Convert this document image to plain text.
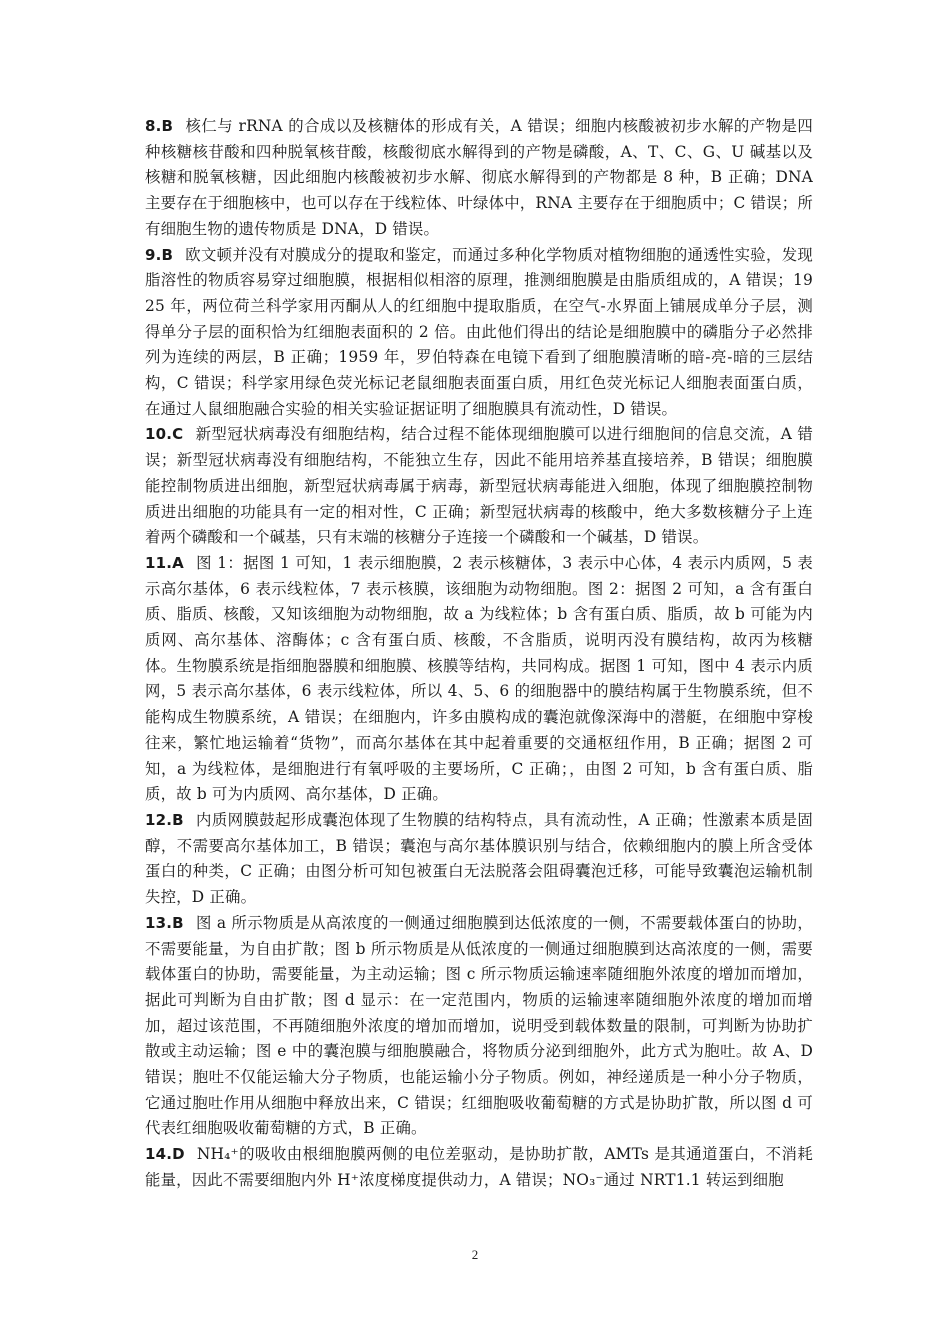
8.B 核仁与 rRNA 的合成以及核糖体的形成有关，A 错误；细胞内核酸被初步水解的产物是四种核糖核苷酸和四种脱氧核苷酸，核酸彻底水解得到的产物是磷酸，A、T、C、G、U 碱基以及核糖和脱氧核糖，因此细胞内核酸被初步水解、彻底水解得到的产物都是 8 种，B 正确；DNA 主要存在于细胞核中，也可以存在于线粒体、叶绿体中，RNA 主要存在于细胞质中；C 错误；所有细胞生物的遗传物质是 DNA，D 错误。

9.B 欧文顿并没有对膜成分的提取和鉴定，而通过多种化学物质对植物细胞的通透性实验，发现脂溶性的物质容易穿过细胞膜，根据相似相溶的原理，推测细胞膜是由脂质组成的，A 错误；1925 年，两位荷兰科学家用丙酮从人的红细胞中提取脂质，在空气-水界面上铺展成单分子层，测得单分子层的面积恰为红细胞表面积的 2 倍。由此他们得出的结论是细胞膜中的磷脂分子必然排列为连续的两层，B 正确；1959 年，罗伯特森在电镜下看到了细胞膜清晰的暗-亮-暗的三层结构，C 错误；科学家用绿色荧光标记老鼠细胞表面蛋白质，用红色荧光标记人细胞表面蛋白质，在通过人鼠细胞融合实验的相关实验证据证明了细胞膜具有流动性，D 错误。

10.C 新型冠状病毒没有细胞结构，结合过程不能体现细胞膜可以进行细胞间的信息交流，A 错误；新型冠状病毒没有细胞结构，不能独立生存，因此不能用培养基直接培养，B 错误；细胞膜能控制物质进出细胞，新型冠状病毒属于病毒，新型冠状病毒能进入细胞，体现了细胞膜控制物质进出细胞的功能具有一定的相对性，C 正确；新型冠状病毒的核酸中，绝大多数核糖分子上连着两个磷酸和一个碱基，只有末端的核糖分子连接一个磷酸和一个碱基，D 错误。

11.A 图 1：据图 1 可知，1 表示细胞膜，2 表示核糖体，3 表示中心体，4 表示内质网，5 表示高尔基体，6 表示线粒体，7 表示核膜，该细胞为动物细胞。图 2：据图 2 可知，a 含有蛋白质、脂质、核酸，又知该细胞为动物细胞，故 a 为线粒体；b 含有蛋白质、脂质，故 b 可能为内质网、高尔基体、溶酶体；c 含有蛋白质、核酸，不含脂质，说明丙没有膜结构，故丙为核糖体。生物膜系统是指细胞器膜和细胞膜、核膜等结构，共同构成。据图 1 可知，图中 4 表示内质网，5 表示高尔基体，6 表示线粒体，所以 4、5、6 的细胞器中的膜结构属于生物膜系统，但不能构成生物膜系统，A 错误；在细胞内，许多由膜构成的囊泡就像深海中的潜艇，在细胞中穿梭往来，繁忙地运输着“货物”，而高尔基体在其中起着重要的交通枢纽作用，B 正确；据图 2 可知，a 为线粒体，是细胞进行有氧呼吸的主要场所，C 正确；，由图 2 可知，b 含有蛋白质、脂质，故 b 可为内质网、高尔基体，D 正确。

12.B 内质网膜鼓起形成囊泡体现了生物膜的结构特点，具有流动性，A 正确；性激素本质是固醇，不需要高尔基体加工，B 错误；囊泡与高尔基体膜识别与结合，依赖细胞内的膜上所含受体蛋白的种类，C 正确；由图分析可知包被蛋白无法脱落会阻碍囊泡迁移，可能导致囊泡运输机制失控，D 正确。

13.B 图 a 所示物质是从高浓度的一侧通过细胞膜到达低浓度的一侧，不需要载体蛋白的协助，不需要能量，为自由扩散；图 b 所示物质是从低浓度的一侧通过细胞膜到达高浓度的一侧，需要载体蛋白的协助，需要能量，为主动运输；图 c 所示物质运输速率随细胞外浓度的增加而增加，据此可判断为自由扩散；图 d 显示：在一定范围内，物质的运输速率随细胞外浓度的增加而增加，超过该范围，不再随细胞外浓度的增加而增加，说明受到载体数量的限制，可判断为协助扩散或主动运输；图 e 中的囊泡膜与细胞膜融合，将物质分泌到细胞外，此方式为胞吐。故 A、D 错误；胞吐不仅能运输大分子物质，也能运输小分子物质。例如，神经递质是一种小分子物质，它通过胞吐作用从细胞中释放出来，C 错误；红细胞吸收葡萄糖的方式是协助扩散，所以图 d 可代表红细胞吸收葡萄糖的方式，B 正确。

14.D NH₄⁺的吸收由根细胞膜两侧的电位差驱动，是协助扩散，AMTs 是其通道蛋白，不消耗能量，因此不需要细胞内外 H⁺浓度梯度提供动力，A 错误；NO₃⁻通过 NRT1.1 转运到细胞

2
